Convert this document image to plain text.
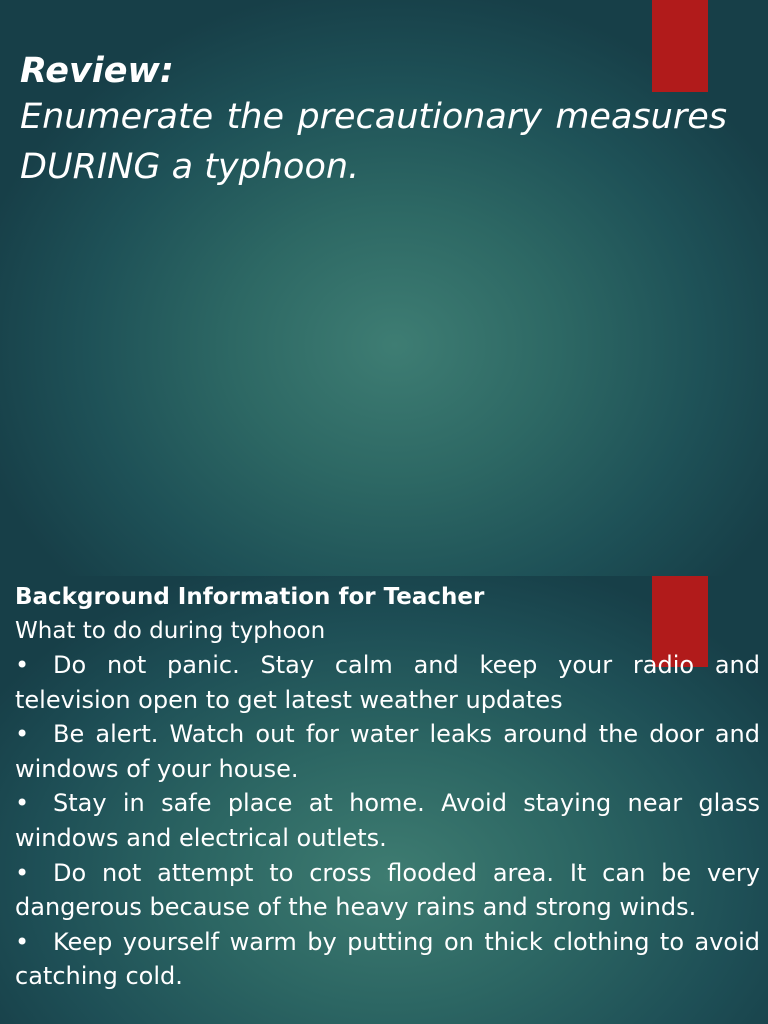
Review:

Enumerate the precautionary measures DURING a typhoon.

Background Information for Teacher

What to do during typhoon

• Do not panic. Stay calm and keep your radio and television open to get latest weather updates

• Be alert. Watch out for water leaks around the door and windows of your house.

• Stay in safe place at home. Avoid staying near glass windows and electrical outlets.

• Do not attempt to cross flooded area. It can be very dangerous because of the heavy rains and strong winds.

• Keep yourself warm by putting on thick clothing to avoid catching cold.
